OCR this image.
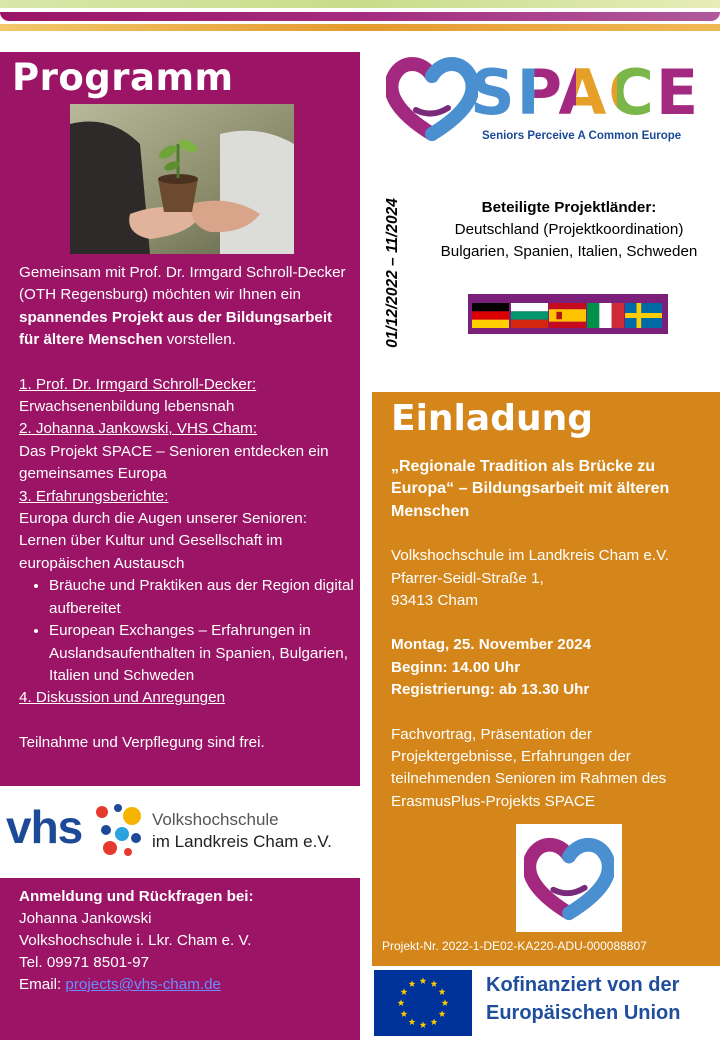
Programm

Gemeinsam mit Prof. Dr. Irmgard Schroll-Decker (OTH Regensburg) möchten wir Ihnen ein spannendes Projekt aus der Bildungsarbeit für ältere Menschen vorstellen.

1. Prof. Dr. Irmgard Schroll-Decker:

Erwachsenenbildung lebensnah

2. Johanna Jankowski, VHS Cham:

Das Projekt SPACE – Senioren entdecken ein gemeinsames Europa

3. Erfahrungsberichte:

Europa durch die Augen unserer Senioren: Lernen über Kultur und Gesellschaft im europäischen Austausch

• Bräuche und Praktiken aus der Region digital aufbereitet
• European Exchanges – Erfahrungen in Auslandsaufenthalten in Spanien, Bulgarien, Italien und Schweden

4. Diskussion und Anregungen

Teilnahme und Verpflegung sind frei.

vhs	Volkshochschule
im Landkreis Cham e.V.
Anmeldung und Rückfragen bei:
Johanna Jankowski
Volkshochschule i. Lkr. Cham e. V.
Tel. 09971 8501-97
Email: projects@vhs-cham.de
SPACE
Seniors Perceive A Common Europe
01/12/2022 – 11/2024	Beteiligte Projektländer:
Deutschland (Projektkoordination)
Bulgarien, Spanien, Italien, Schweden
Einladung

„Regionale Tradition als Brücke zu Europa“ – Bildungsarbeit mit älteren Menschen

Volkshochschule im Landkreis Cham e.V.

Pfarrer-Seidl-Straße 1,

93413 Cham

Montag, 25. November 2024

Beginn: 14.00 Uhr

Registrierung: ab 13.30 Uhr

Fachvortrag, Präsentation der Projektergebnisse, Erfahrungen der teilnehmenden Senioren im Rahmen des ErasmusPlus-Projekts SPACE

Projekt-Nr. 2022-1-DE02-KA220-ADU-000088807
Kofinanziert von der
Europäischen Union
